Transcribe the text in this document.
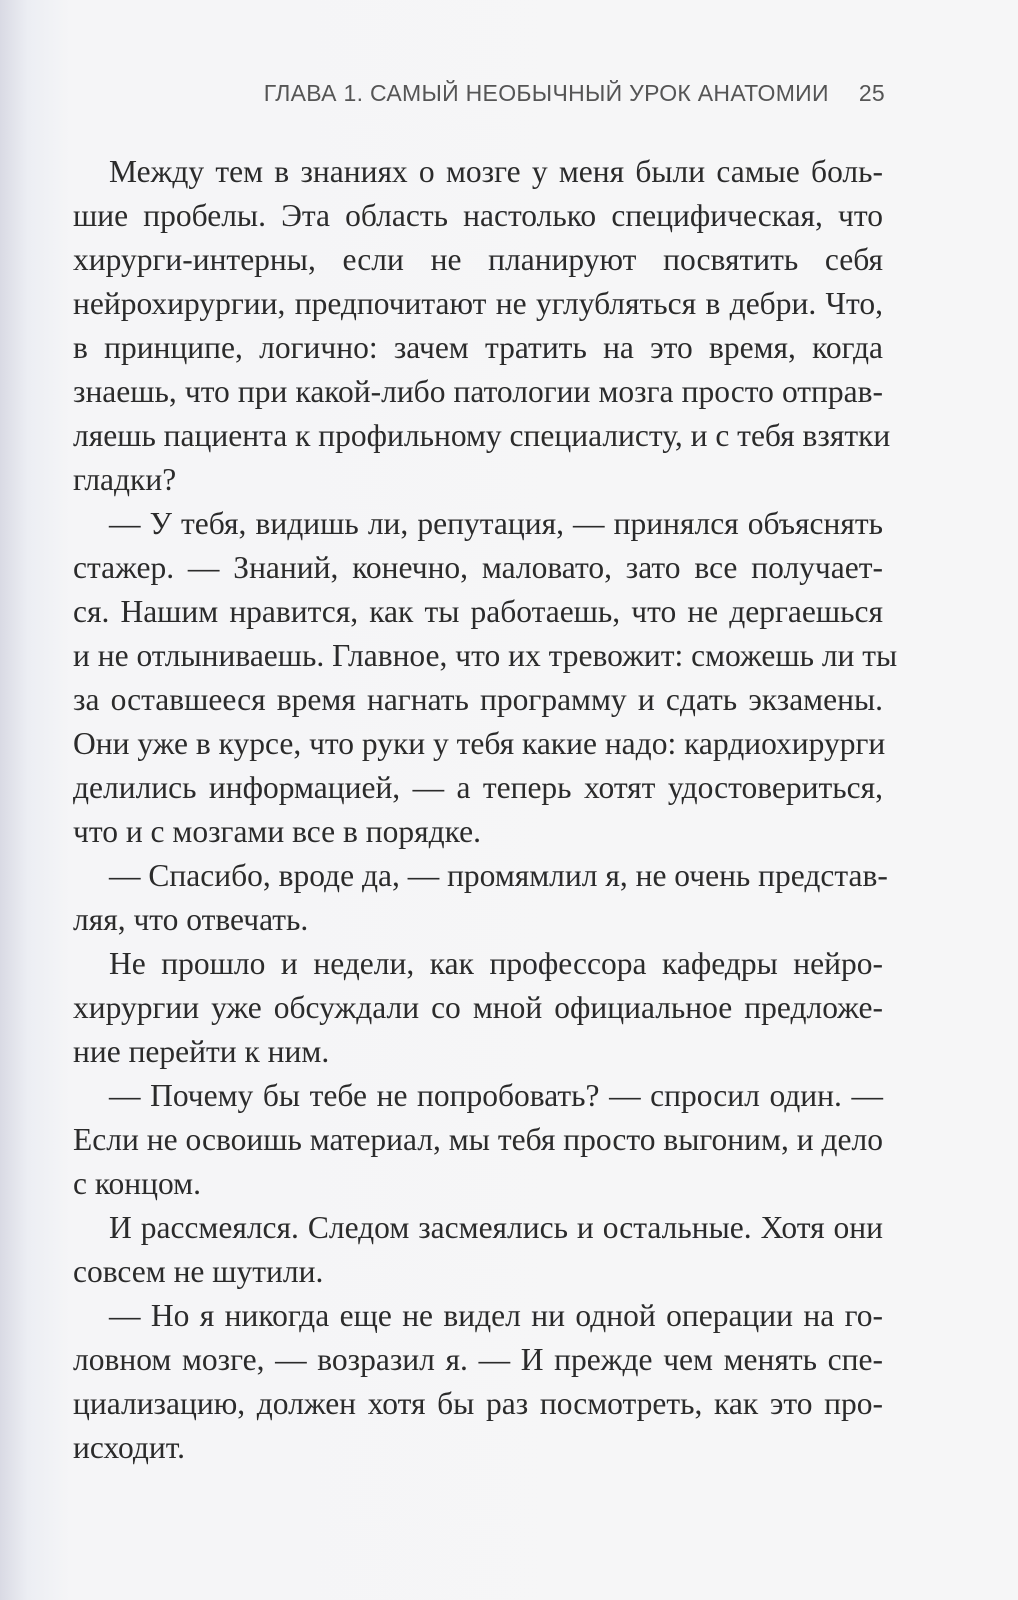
ГЛАВА 1. САМЫЙ НЕОБЫЧНЫЙ УРОК АНАТОМИИ 25
Между тем в знаниях о мозге у меня были самые боль-
шие пробелы. Эта область настолько специфическая, что
хирурги-интерны, если не планируют посвятить себя
нейрохирургии, предпочитают не углубляться в дебри. Что,
в принципе, логично: зачем тратить на это время, когда
знаешь, что при какой-либо патологии мозга просто отправ-
ляешь пациента к профильному специалисту, и с тебя взятки
гладки?
— У тебя, видишь ли, репутация, — принялся объяснять
стажер. — Знаний, конечно, маловато, зато все получает-
ся. Нашим нравится, как ты работаешь, что не дергаешься
и не отлыниваешь. Главное, что их тревожит: сможешь ли ты
за оставшееся время нагнать программу и сдать экзамены.
Они уже в курсе, что руки у тебя какие надо: кардиохирурги
делились информацией, — а теперь хотят удостовериться,
что и с мозгами все в порядке.
— Спасибо, вроде да, — промямлил я, не очень представ-
ляя, что отвечать.
Не прошло и недели, как профессора кафедры нейро-
хирургии уже обсуждали со мной официальное предложе-
ние перейти к ним.
— Почему бы тебе не попробовать? — спросил один. —
Если не освоишь материал, мы тебя просто выгоним, и дело
с концом.
И рассмеялся. Следом засмеялись и остальные. Хотя они
совсем не шутили.
— Но я никогда еще не видел ни одной операции на го-
ловном мозге, — возразил я. — И прежде чем менять спе-
циализацию, должен хотя бы раз посмотреть, как это про-
исходит.
